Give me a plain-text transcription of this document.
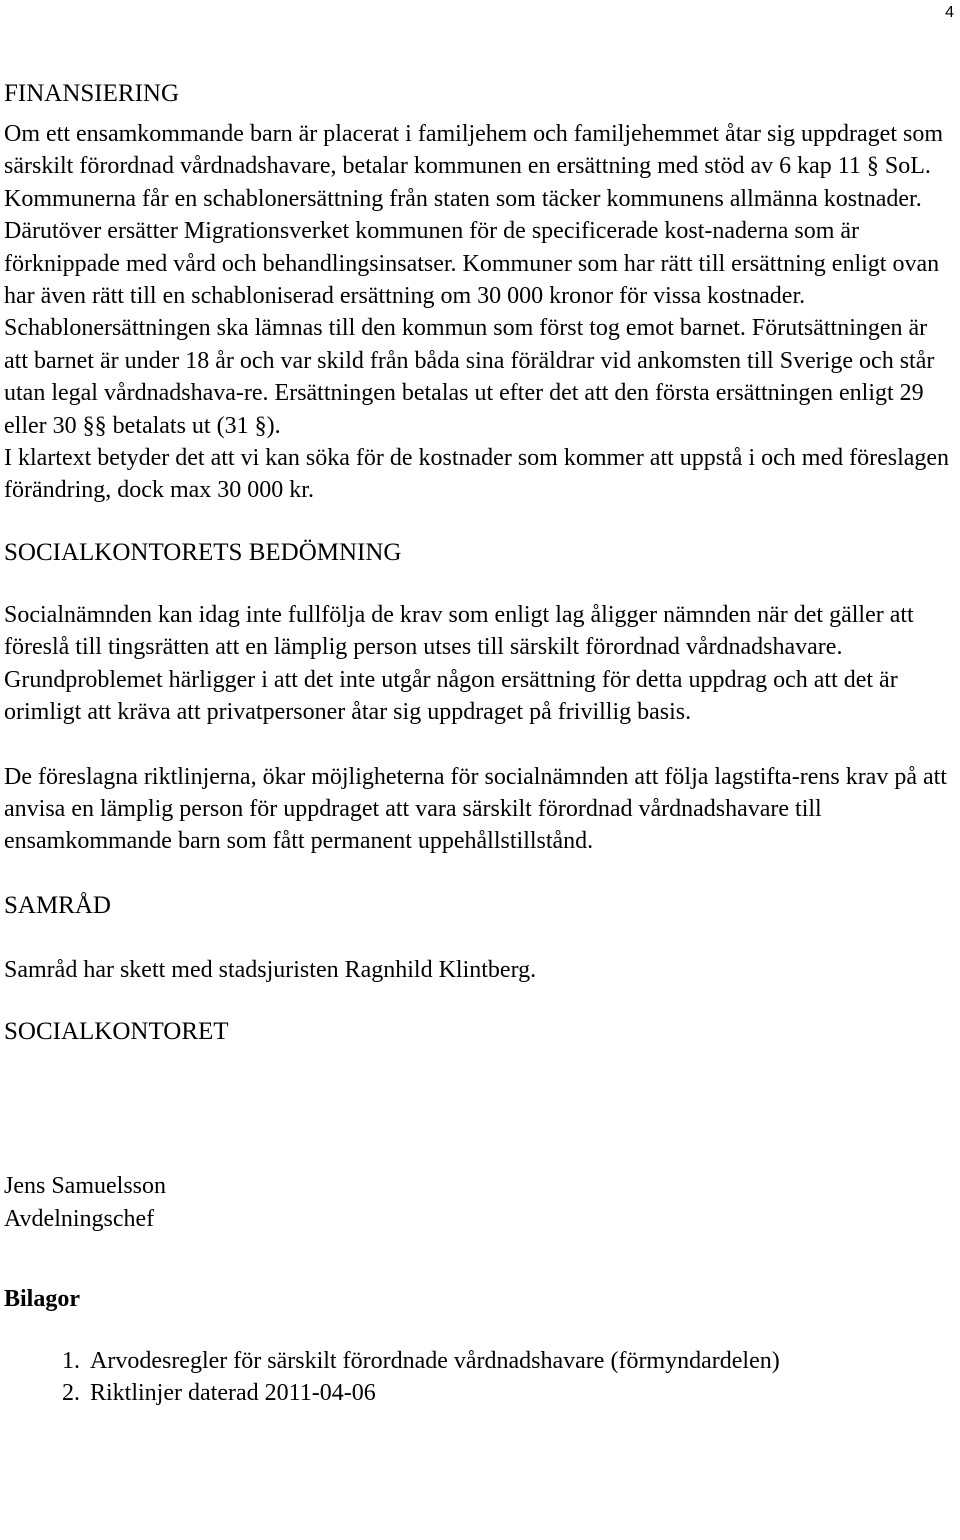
4
FINANSIERING

Om ett ensamkommande barn är placerat i familjehem och familjehemmet åtar sig uppdraget som särskilt förordnad vårdnadshavare, betalar kommunen en ersättning med stöd av 6 kap 11 § SoL.

Kommunerna får en schablonersättning från staten som täcker kommunens allmänna kostnader. Därutöver ersätter Migrationsverket kommunen för de specificerade kost-naderna som är förknippade med vård och behandlingsinsatser. Kommuner som har rätt till ersättning enligt ovan har även rätt till en schabloniserad ersättning om 30 000 kronor för vissa kostnader. Schablonersättningen ska lämnas till den kommun som först tog emot barnet. Förutsättningen är att barnet är under 18 år och var skild från båda sina föräldrar vid ankomsten till Sverige och står utan legal vårdnadshava-re. Ersättningen betalas ut efter det att den första ersättningen enligt 29 eller 30 §§ betalats ut (31 §).

I klartext betyder det att vi kan söka för de kostnader som kommer att uppstå i och med föreslagen förändring, dock max 30 000 kr.

SOCIALKONTORETS BEDÖMNING

Socialnämnden kan idag inte fullfölja de krav som enligt lag åligger nämnden när det gäller att föreslå till tingsrätten att en lämplig person utses till särskilt förordnad vårdnadshavare. Grundproblemet härligger i att det inte utgår någon ersättning för detta uppdrag och att det är orimligt att kräva att privatpersoner åtar sig uppdraget på frivillig basis.

De föreslagna riktlinjerna, ökar möjligheterna för socialnämnden att följa lagstifta-rens krav på att anvisa en lämplig person för uppdraget att vara särskilt förordnad vårdnadshavare till ensamkommande barn som fått permanent uppehållstillstånd.

SAMRÅD

Samråd har skett med stadsjuristen Ragnhild Klintberg.

SOCIALKONTORET

Jens Samuelsson

Avdelningschef

Bilagor
1. Arvodesregler för särskilt förordnade vårdnadshavare (förmyndardelen)
2. Riktlinjer daterad 2011-04-06
